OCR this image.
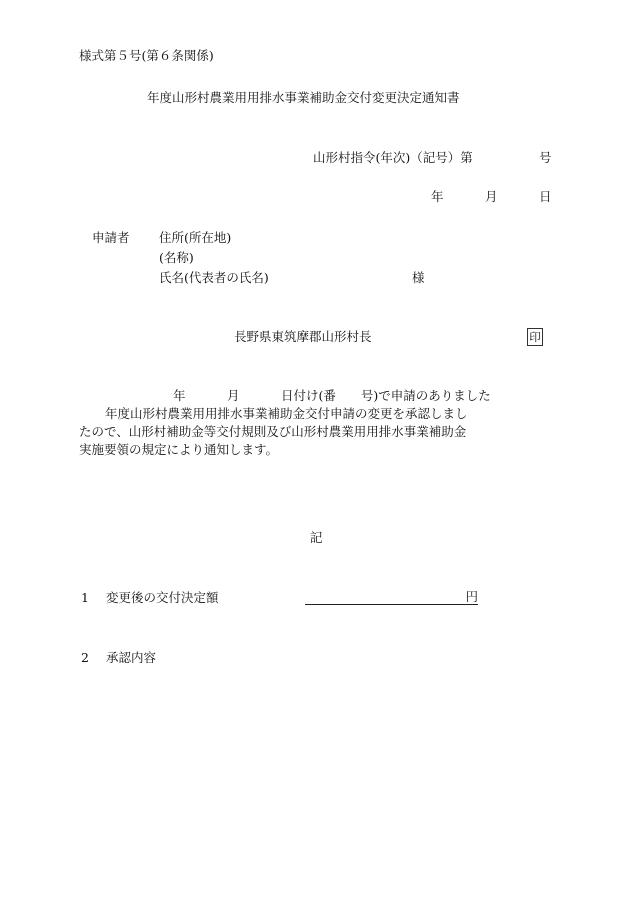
様式第５号(第６条関係)
年度山形村農業用用排水事業補助金交付変更決定通知書
山形村指令(年次)（記号）第	号
年	月	日
申請者 住所(所在地)
(名称)
氏名(代表者の氏名)	様
長野県東筑摩郡山形村長	印
年	月	日付け(番　　号)で申請のありました
年度山形村農業用用排水事業補助金交付申請の変更を承認しまし
たので、山形村補助金等交付規則及び山形村農業用用排水事業補助金
実施要領の規定により通知します。
記
1 変更後の交付決定額	円
2 承認内容
